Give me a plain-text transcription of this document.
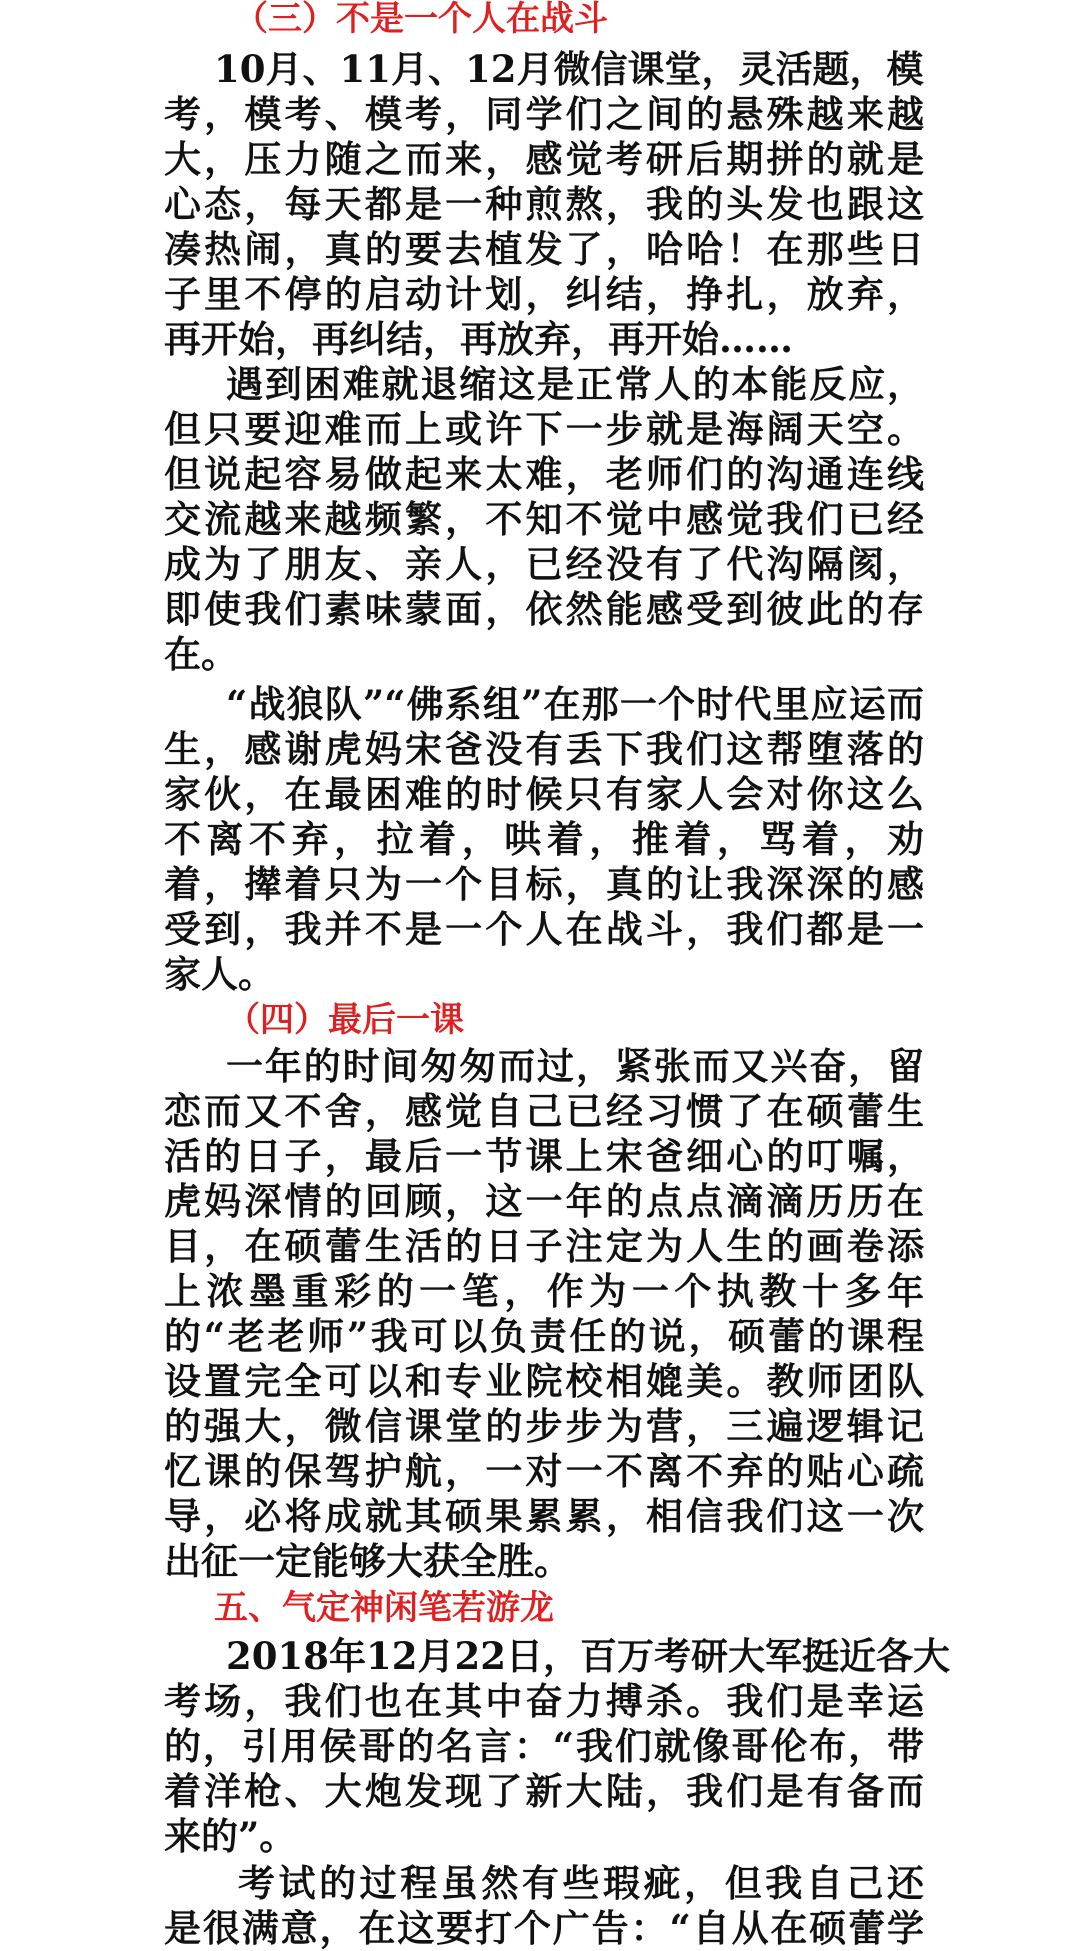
（三）不是一个人在战斗
10月、11月、12月微信课堂，灵活题，模
考，模考、模考，同学们之间的悬殊越来越
大，压力随之而来，感觉考研后期拼的就是
心态，每天都是一种煎熬，我的头发也跟这
凑热闹，真的要去植发了，哈哈！在那些日
子里不停的启动计划，纠结，挣扎，放弃，
再开始，再纠结，再放弃，再开始……
遇到困难就退缩这是正常人的本能反应，
但只要迎难而上或许下一步就是海阔天空。
但说起容易做起来太难，老师们的沟通连线
交流越来越频繁，不知不觉中感觉我们已经
成为了朋友、亲人，已经没有了代沟隔阂，
即使我们素味蒙面，依然能感受到彼此的存
在。
“战狼队”“佛系组”在那一个时代里应运而
生，感谢虎妈宋爸没有丢下我们这帮堕落的
家伙，在最困难的时候只有家人会对你这么
不离不弃，拉着，哄着，推着，骂着，劝
着，撵着只为一个目标，真的让我深深的感
受到，我并不是一个人在战斗，我们都是一
家人。
（四）最后一课
一年的时间匆匆而过，紧张而又兴奋，留
恋而又不舍，感觉自己已经习惯了在硕蕾生
活的日子，最后一节课上宋爸细心的叮嘱，
虎妈深情的回顾，这一年的点点滴滴历历在
目，在硕蕾生活的日子注定为人生的画卷添
上浓墨重彩的一笔，作为一个执教十多年
的“老老师”我可以负责任的说，硕蕾的课程
设置完全可以和专业院校相媲美。教师团队
的强大，微信课堂的步步为营，三遍逻辑记
忆课的保驾护航，一对一不离不弃的贴心疏
导，必将成就其硕果累累，相信我们这一次
出征一定能够大获全胜。
五、气定神闲笔若游龙
2018年12月22日，百万考研大军挺近各大
考场，我们也在其中奋力搏杀。我们是幸运
的，引用侯哥的名言：“我们就像哥伦布，带
着洋枪、大炮发现了新大陆，我们是有备而
来的”。
考试的过程虽然有些瑕疵，但我自己还
是很满意，在这要打个广告：“自从在硕蕾学
